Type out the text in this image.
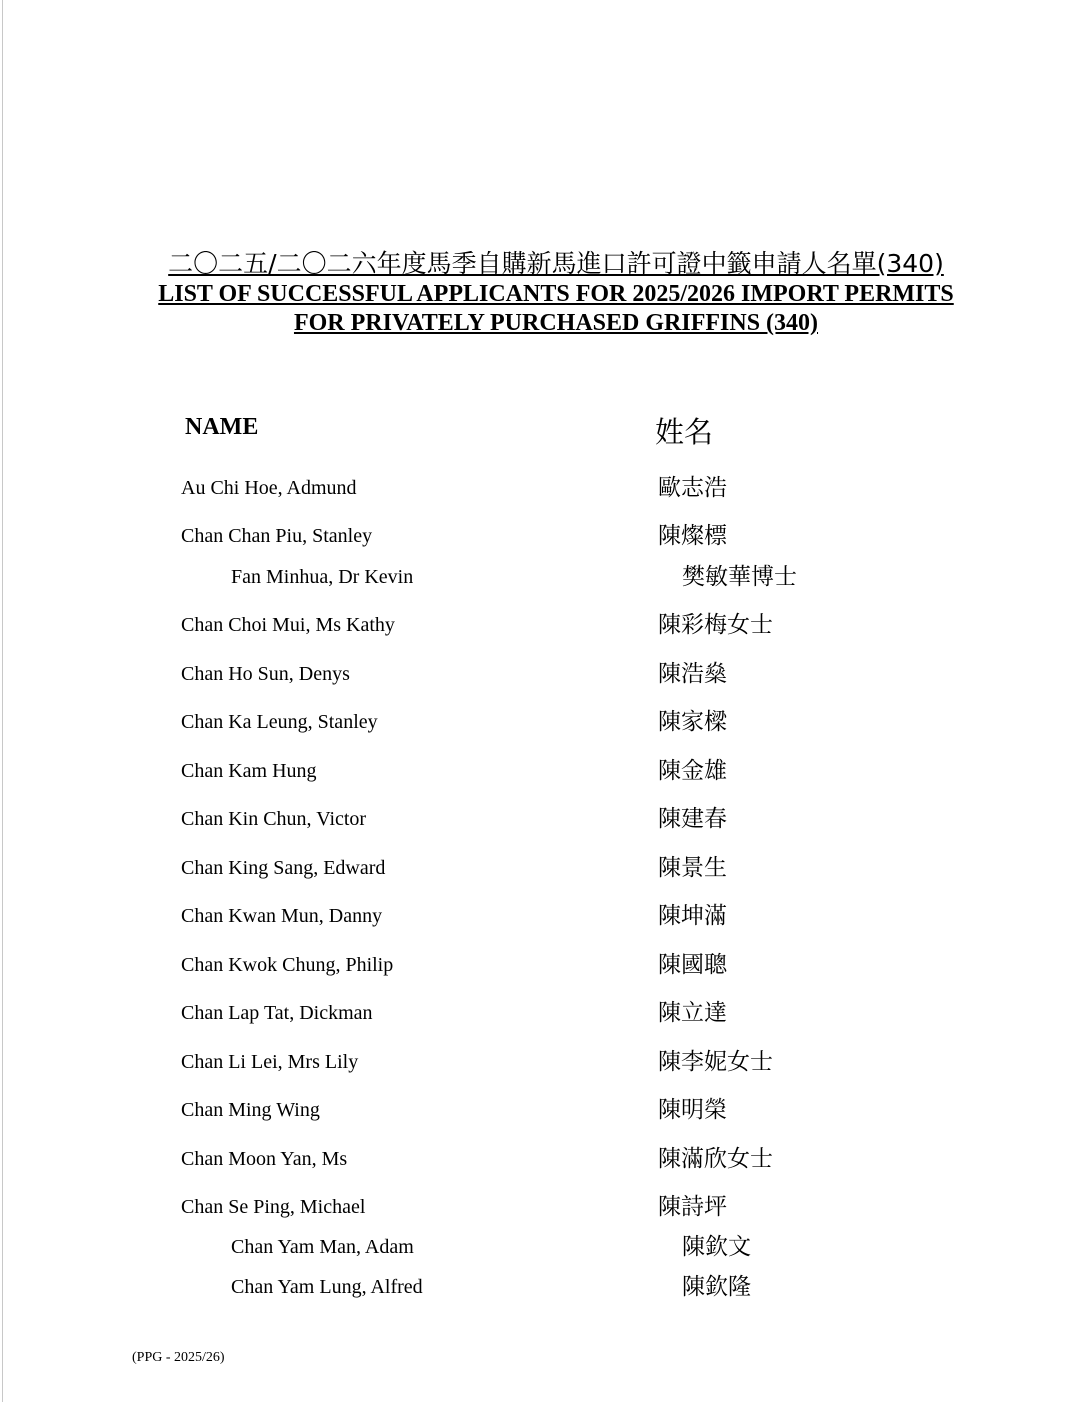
二〇二五/二〇二六年度馬季自購新馬進口許可證中籤申請人名單(340)
LIST OF SUCCESSFUL APPLICANTS FOR 2025/2026 IMPORT PERMITS
FOR PRIVATELY PURCHASED GRIFFINS (340)
NAME	姓名
Au Chi Hoe, Admund	歐志浩
Chan Chan Piu, Stanley	陳燦標
Fan Minhua, Dr Kevin	樊敏華博士
Chan Choi Mui, Ms Kathy	陳彩梅女士
Chan Ho Sun, Denys	陳浩燊
Chan Ka Leung, Stanley	陳家樑
Chan Kam Hung	陳金雄
Chan Kin Chun, Victor	陳建春
Chan King Sang, Edward	陳景生
Chan Kwan Mun, Danny	陳坤滿
Chan Kwok Chung, Philip	陳國聰
Chan Lap Tat, Dickman	陳立達
Chan Li Lei, Mrs Lily	陳李妮女士
Chan Ming Wing	陳明榮
Chan Moon Yan, Ms	陳滿欣女士
Chan Se Ping, Michael	陳詩坪
Chan Yam Man, Adam	陳欽文
Chan Yam Lung, Alfred	陳欽隆
(PPG - 2025/26)
